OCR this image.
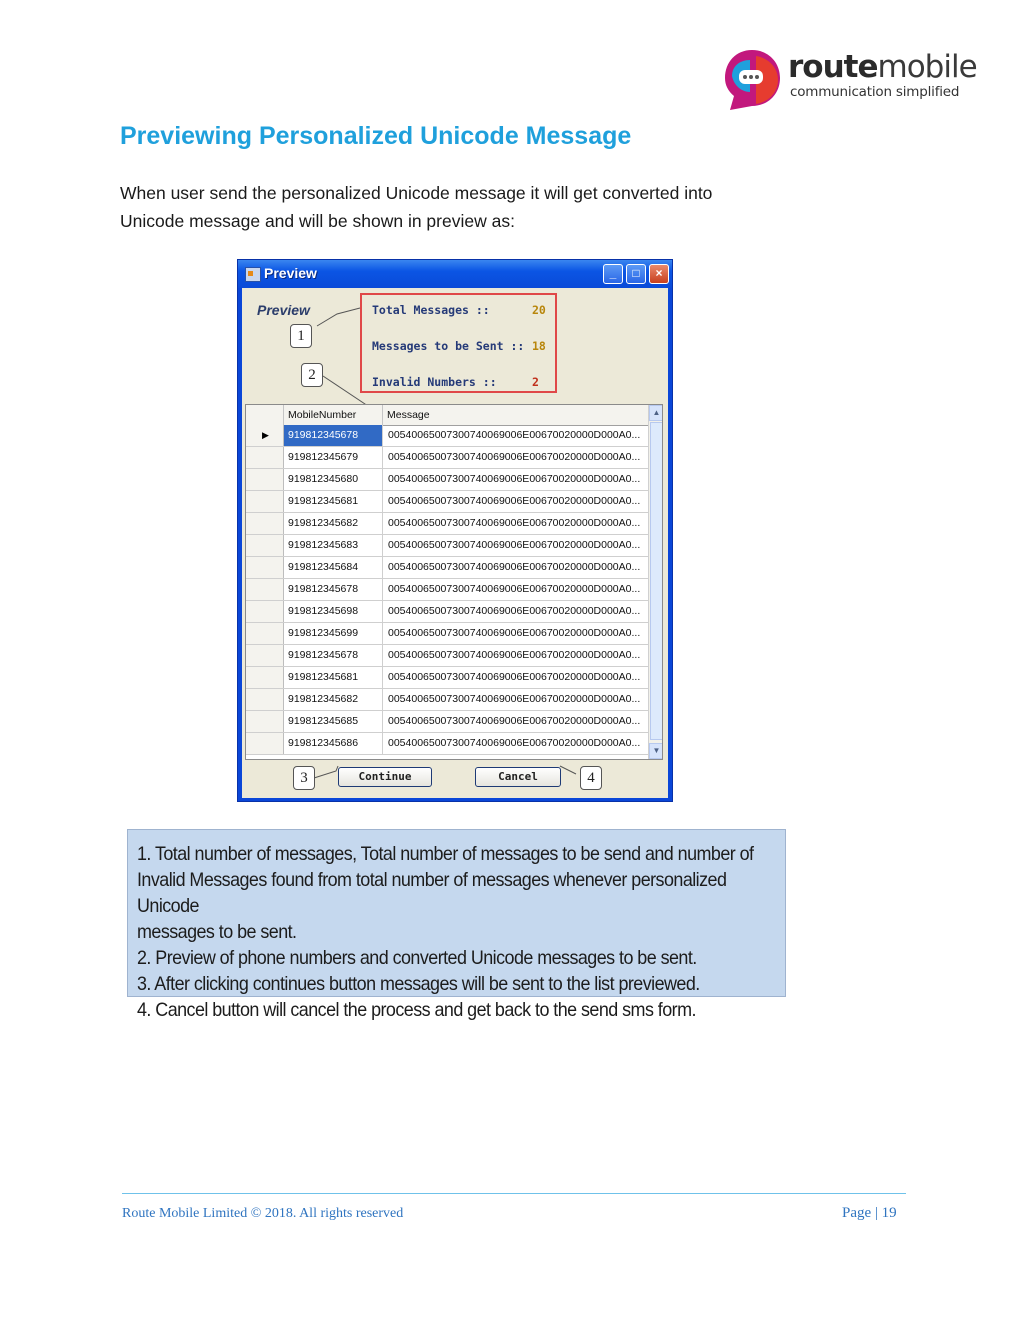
routemobile
communication simplified
Previewing Personalized Unicode Message
When user send the personalized Unicode message it will get converted into Unicode message and will be shown in preview as:
Preview	_	□	×
Preview	Total Messages ::	20
Messages to be Sent :: 18
Invalid Numbers ::	2
1
2
MobileNumber	Message
▶	919812345678	00540065007300740069006E00670020000D000A0...
919812345679	00540065007300740069006E00670020000D000A0...
919812345680	00540065007300740069006E00670020000D000A0...
919812345681	00540065007300740069006E00670020000D000A0...
919812345682	00540065007300740069006E00670020000D000A0...
919812345683	00540065007300740069006E00670020000D000A0...
919812345684	00540065007300740069006E00670020000D000A0...
919812345678	00540065007300740069006E00670020000D000A0...
919812345698	00540065007300740069006E00670020000D000A0...
919812345699	00540065007300740069006E00670020000D000A0...
919812345678	00540065007300740069006E00670020000D000A0...
919812345681	00540065007300740069006E00670020000D000A0...
919812345682	00540065007300740069006E00670020000D000A0...
919812345685	00540065007300740069006E00670020000D000A0...
919812345686	00540065007300740069006E00670020000D000A0...
▲
▼
3	Continue	Cancel	4
1. Total number of messages, Total number of messages to be send and number of
Invalid Messages found from total number of messages whenever personalized Unicode
messages to be sent.
2. Preview of phone numbers and converted Unicode messages to be sent.
3. After clicking continues button messages will be sent to the list previewed.
4. Cancel button will cancel the process and get back to the send sms form.
Route Mobile Limited © 2018. All rights reserved	Page | 19
